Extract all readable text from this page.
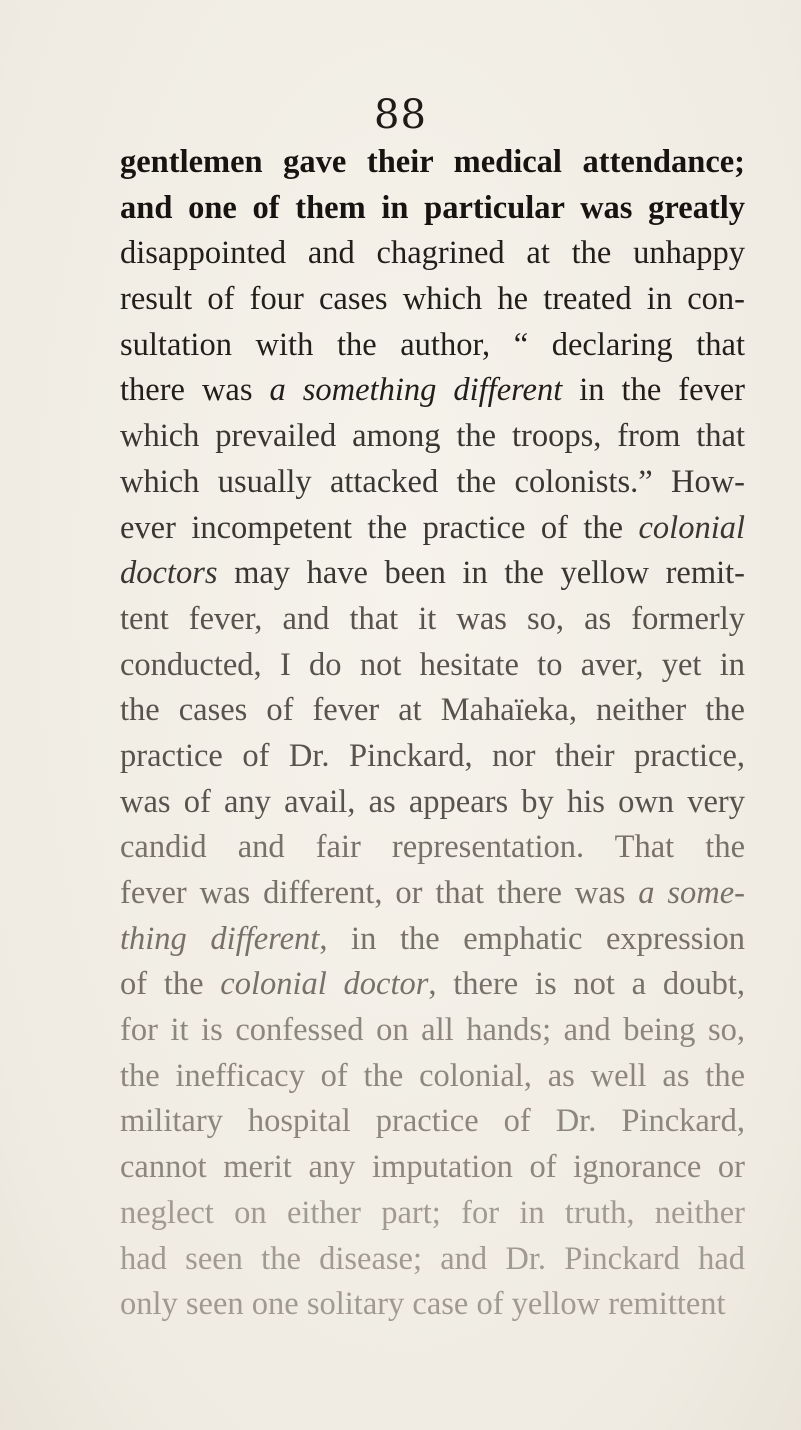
88
gentlemen gave their medical attendance;
and one of them in particular was greatly
disappointed and chagrined at the unhappy
result of four cases which he treated in con-
sultation with the author, “ declaring that
there was a something different in the fever
which prevailed among the troops, from that
which usually attacked the colonists.” How-
ever incompetent the practice of the colonial
doctors may have been in the yellow remit-
tent fever, and that it was so, as formerly
conducted, I do not hesitate to aver, yet in
the cases of fever at Mahaïeka, neither the
practice of Dr. Pinckard, nor their practice,
was of any avail, as appears by his own very
candid and fair representation. That the
fever was different, or that there was a some-
thing different, in the emphatic expression
of the colonial doctor, there is not a doubt,
for it is confessed on all hands; and being so,
the inefficacy of the colonial, as well as the
military hospital practice of Dr. Pinckard,
cannot merit any imputation of ignorance or
neglect on either part; for in truth, neither
had seen the disease; and Dr. Pinckard had
only seen one solitary case of yellow remittent
